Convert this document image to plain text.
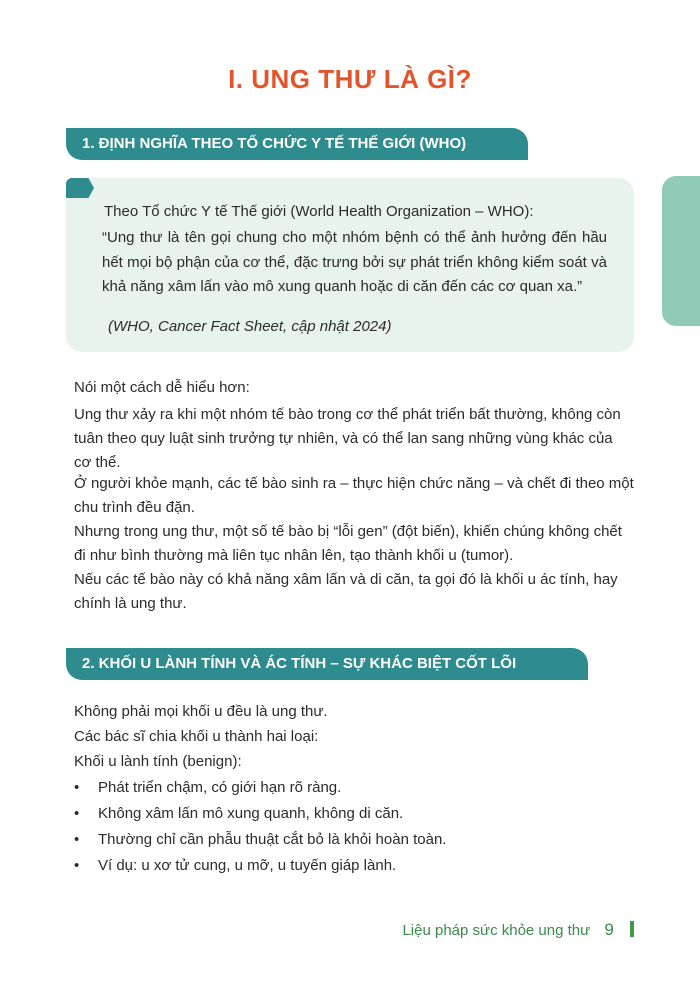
I. UNG THƯ LÀ GÌ?
1. ĐỊNH NGHĨA THEO TỔ CHỨC Y TẾ THẾ GIỚI (WHO)
Theo Tổ chức Y tế Thế giới (World Health Organization – WHO):
“Ung thư là tên gọi chung cho một nhóm bệnh có thể ảnh hưởng đến hầu hết mọi bộ phận của cơ thể, đặc trưng bởi sự phát triển không kiểm soát và khả năng xâm lấn vào mô xung quanh hoặc di căn đến các cơ quan xa.”
(WHO, Cancer Fact Sheet, cập nhật 2024)
Nói một cách dễ hiểu hơn:
Ung thư xảy ra khi một nhóm tế bào trong cơ thể phát triển bất thường, không còn tuân theo quy luật sinh trưởng tự nhiên, và có thể lan sang những vùng khác của cơ thể.
Ở người khỏe mạnh, các tế bào sinh ra – thực hiện chức năng – và chết đi theo một chu trình đều đặn.
Nhưng trong ung thư, một số tế bào bị “lỗi gen” (đột biến), khiến chúng không chết đi như bình thường mà liên tục nhân lên, tạo thành khối u (tumor).
Nếu các tế bào này có khả năng xâm lấn và di căn, ta gọi đó là khối u ác tính, hay chính là ung thư.
2. KHỐI U LÀNH TÍNH VÀ ÁC TÍNH – SỰ KHÁC BIỆT CỐT LÕI
Không phải mọi khối u đều là ung thư.
Các bác sĩ chia khối u thành hai loại:
Khối u lành tính (benign):
• Phát triển chậm, có giới hạn rõ ràng.
• Không xâm lấn mô xung quanh, không di căn.
• Thường chỉ cần phẫu thuật cắt bỏ là khỏi hoàn toàn.
• Ví dụ: u xơ tử cung, u mỡ, u tuyến giáp lành.
Liệu pháp sức khỏe ung thư 9
